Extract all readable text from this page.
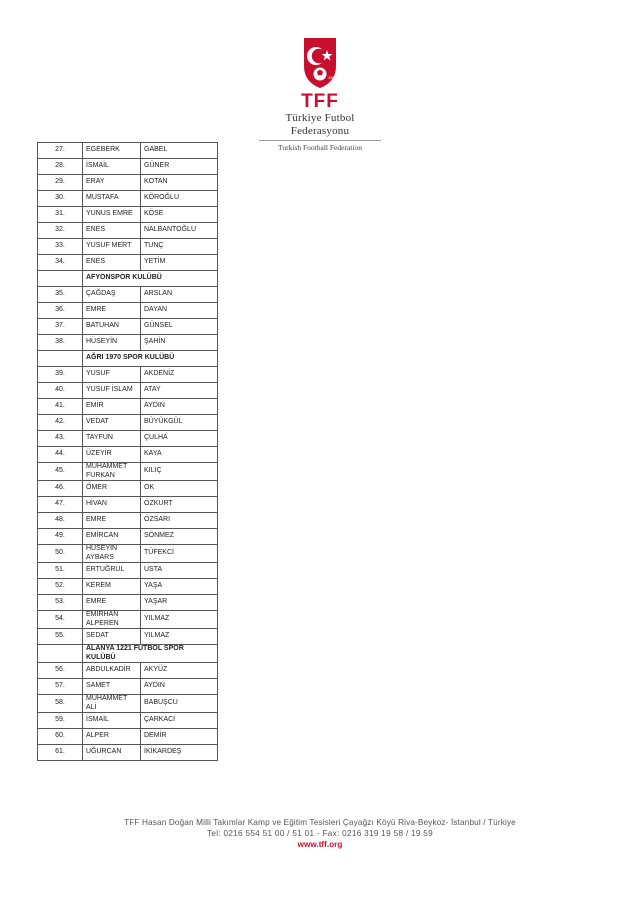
1923
TFF
Türkiye Futbol Federasyonu
Turkish Football Federation
27.	EGEBERK	GABEL
28.	İSMAİL	GÜNER
29.	ERAY	KOTAN
30.	MUSTAFA	KÖROĞLU
31.	YUNUS EMRE	KÖSE
32.	ENES	NALBANTOĞLU
33.	YUSUF MERT	TUNÇ
34.	ENES	YETİM
	AFYONSPOR KULÜBÜ	
35.	ÇAĞDAŞ	ARSLAN
36.	EMRE	DAYAN
37.	BATUHAN	GÜNSEL
38.	HÜSEYİN	ŞAHİN
	AĞRI 1970 SPOR KULÜBÜ	
39.	YUSUF	AKDENİZ
40.	YUSUF İSLAM	ATAY
41.	EMİR	AYDIN
42.	VEDAT	BÜYÜKGÜL
43.	TAYFUN	ÇULHA
44.	ÜZEYİR	KAYA
45.	MUHAMMET FURKAN	KILIÇ
46.	ÖMER	OK
47.	HİVAN	ÖZKURT
48.	EMRE	ÖZSARI
49.	EMİRCAN	SÖNMEZ
50.	HÜSEYİN AYBARS	TÜFEKCİ
51.	ERTUĞRUL	USTA
52.	KEREM	YAŞA
53.	EMRE	YAŞAR
54.	EMİRHAN ALPEREN	YILMAZ
55.	SEDAT	YILMAZ
	ALANYA 1221 FUTBOL SPOR KULÜBÜ	
56.	ABDULKADİR	AKYÜZ
57.	SAMET	AYDIN
58.	MUHAMMET ALİ	BABUŞCU
59.	İSMAİL	ÇARKACI
60.	ALPER	DEMİR
61.	UĞURCAN	İKİKARDEŞ
TFF Hasan Doğan Milli Takımlar Kamp ve Eğitim Tesisleri Çayağzı Köyü Riva-Beykoz- İstanbul / Türkiye
Tel: 0216 554 51 00 / 51 01 - Fax: 0216 319 19 58 / 19 59
www.tff.org
